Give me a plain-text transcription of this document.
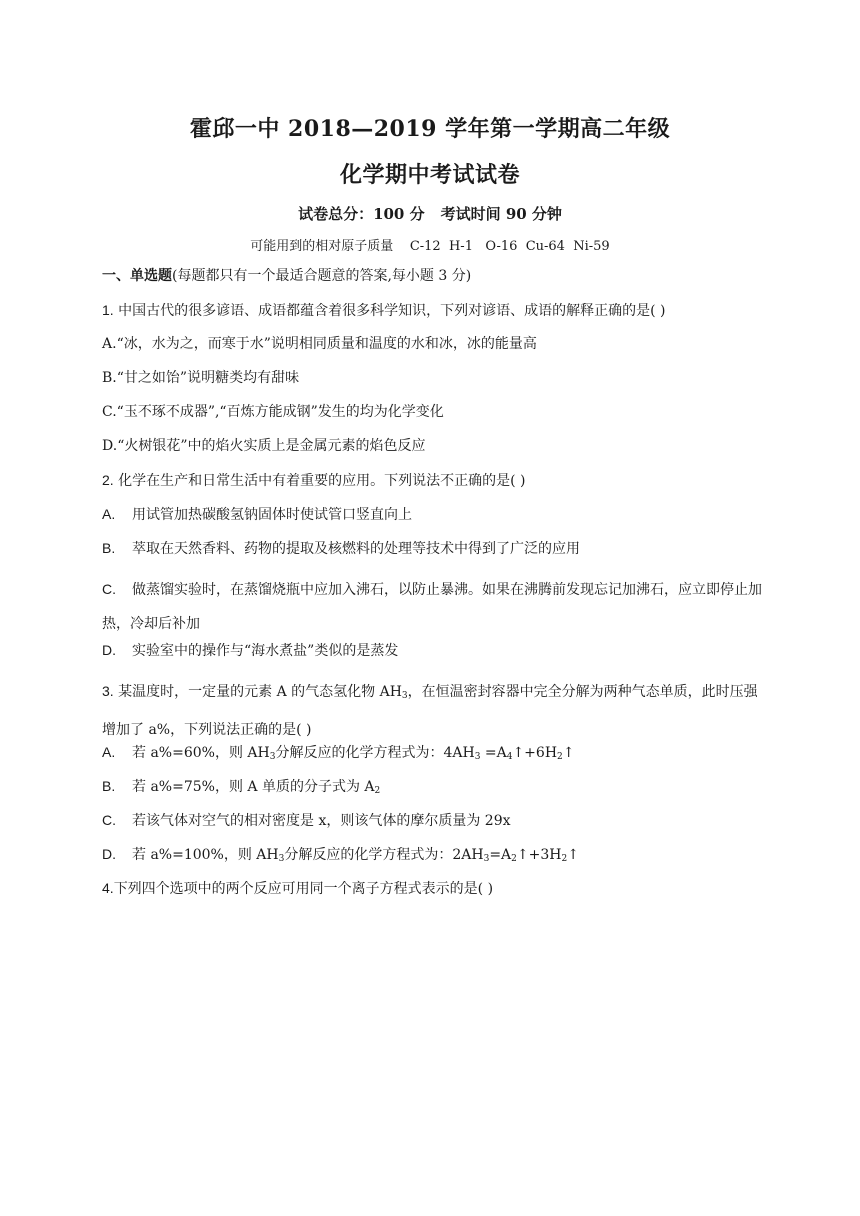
霍邱一中 2018—2019 学年第一学期高二年级
化学期中考试试卷
试卷总分：100 分 考试时间 90 分钟
可能用到的相对原子质量    C-12  H-1   O-16  Cu-64  Ni-59
一、单选题(每题都只有一个最适合题意的答案,每小题 3 分)
1. 中国古代的很多谚语、成语都蕴含着很多科学知识，下列对谚语、成语的解释正确的是( )
A.“冰，水为之，而寒于水”说明相同质量和温度的水和冰，冰的能量高
B.“甘之如饴”说明糖类均有甜味
C.“玉不琢不成器”,“百炼方能成钢”发生的均为化学变化
D.“火树银花”中的焰火实质上是金属元素的焰色反应
2. 化学在生产和日常生活中有着重要的应用。下列说法不正确的是( )
A. 用试管加热碳酸氢钠固体时使试管口竖直向上
B. 萃取在天然香料、药物的提取及核燃料的处理等技术中得到了广泛的应用
C. 做蒸馏实验时，在蒸馏烧瓶中应加入沸石，以防止暴沸。如果在沸腾前发现忘记加沸石，应立即停止加热，冷却后补加
D. 实验室中的操作与“海水煮盐”类似的是蒸发
3. 某温度时，一定量的元素 A 的气态氢化物 $AH_3$，在恒温密封容器中完全分解为两种气态单质，此时压强增加了 a%，下列说法正确的是( )
A. 若 a%=60%，则 $AH_3$分解反应的化学方程式为：$4AH_3$ $=A_4↑+6H_2↑$
B. 若 a%=75%，则 A 单质的分子式为 $A_2$
C. 若该气体对空气的相对密度是 x，则该气体的摩尔质量为 29x
D. 若 a%=100%，则 $AH_3$分解反应的化学方程式为：$2AH_3=A_2↑+3H_2↑$
4.下列四个选项中的两个反应可用同一个离子方程式表示的是( )
